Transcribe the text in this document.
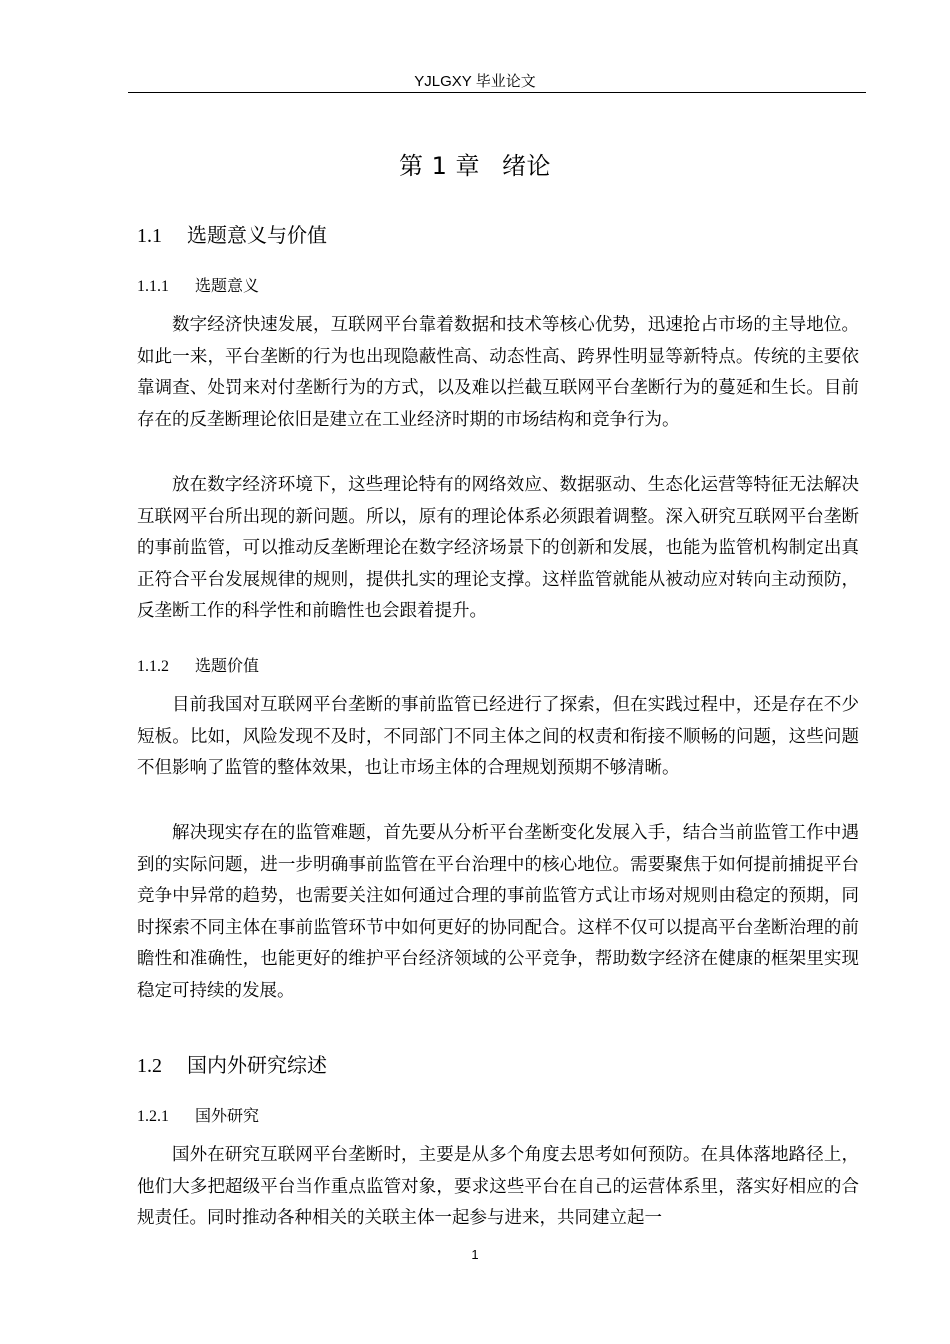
YJLGXY 毕业论文
第 1 章 绪论
1.1 选题意义与价值
1.1.1 选题意义

数字经济快速发展，互联网平台靠着数据和技术等核心优势，迅速抢占市场的主导地位。如此一来，平台垄断的行为也出现隐蔽性高、动态性高、跨界性明显等新特点。传统的主要依靠调查、处罚来对付垄断行为的方式，以及难以拦截互联网平台垄断行为的蔓延和生长。目前存在的反垄断理论依旧是建立在工业经济时期的市场结构和竞争行为。

放在数字经济环境下，这些理论特有的网络效应、数据驱动、生态化运营等特征无法解决互联网平台所出现的新问题。所以，原有的理论体系必须跟着调整。深入研究互联网平台垄断的事前监管，可以推动反垄断理论在数字经济场景下的创新和发展，也能为监管机构制定出真正符合平台发展规律的规则，提供扎实的理论支撑。这样监管就能从被动应对转向主动预防，反垄断工作的科学性和前瞻性也会跟着提升。

1.1.2 选题价值

目前我国对互联网平台垄断的事前监管已经进行了探索，但在实践过程中，还是存在不少短板。比如，风险发现不及时，不同部门不同主体之间的权责和衔接不顺畅的问题，这些问题不但影响了监管的整体效果，也让市场主体的合理规划预期不够清晰。

解决现实存在的监管难题，首先要从分析平台垄断变化发展入手，结合当前监管工作中遇到的实际问题，进一步明确事前监管在平台治理中的核心地位。需要聚焦于如何提前捕捉平台竞争中异常的趋势，也需要关注如何通过合理的事前监管方式让市场对规则由稳定的预期，同时探索不同主体在事前监管环节中如何更好的协同配合。这样不仅可以提高平台垄断治理的前瞻性和准确性，也能更好的维护平台经济领域的公平竞争，帮助数字经济在健康的框架里实现稳定可持续的发展。

1.2 国内外研究综述
1.2.1 国外研究

国外在研究互联网平台垄断时，主要是从多个角度去思考如何预防。在具体落地路径上，他们大多把超级平台当作重点监管对象，要求这些平台在自己的运营体系里，落实好相应的合规责任。同时推动各种相关的关联主体一起参与进来，共同建立起一

1
